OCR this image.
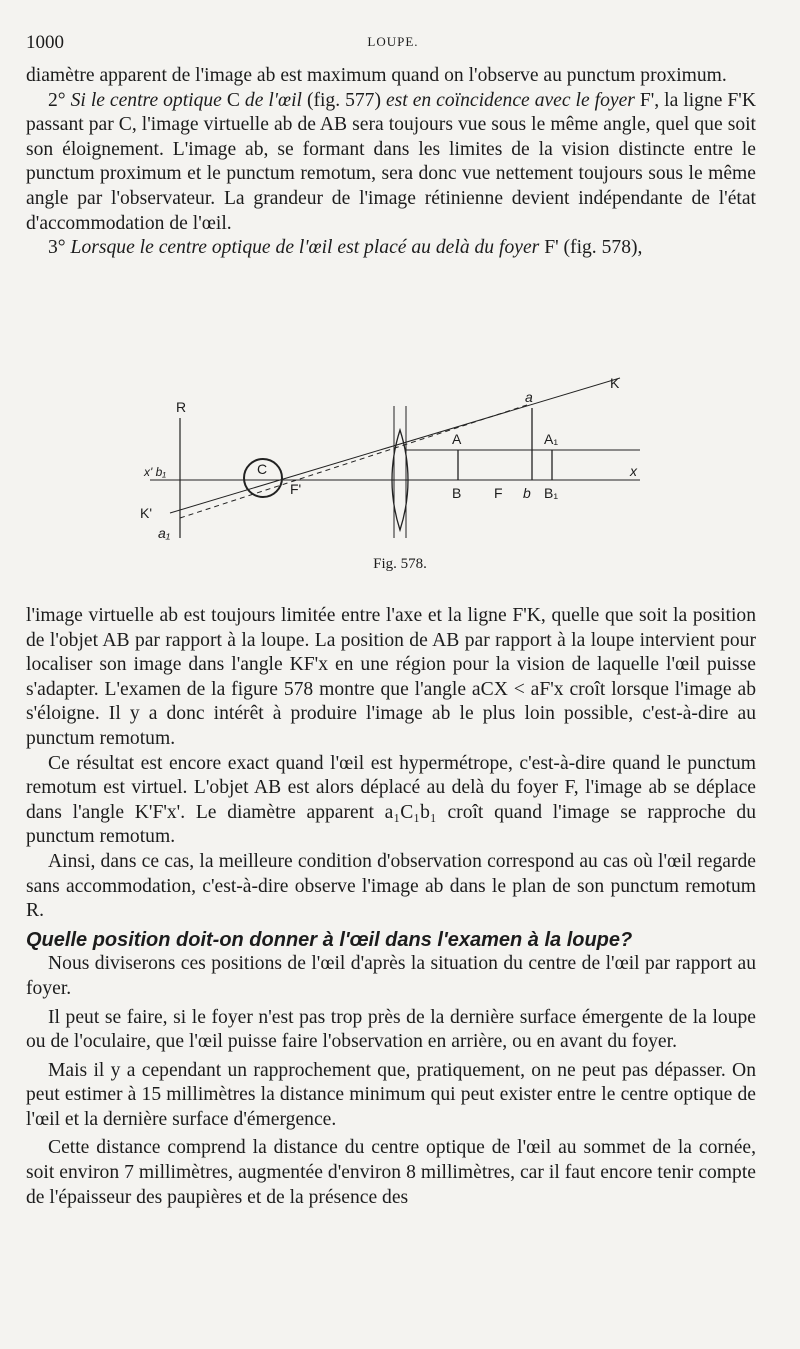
1000	LOUPE.

diamètre apparent de l'image ab est maximum quand on l'observe au punctum proximum.

2° Si le centre optique C de l'œil (fig. 577) est en coïncidence avec le foyer F', la ligne F'K passant par C, l'image virtuelle ab de AB sera toujours vue sous le même angle, quel que soit son éloignement. L'image ab, se formant dans les limites de la vision distincte entre le punctum proximum et le punctum remotum, sera donc vue nettement toujours sous le même angle par l'observateur. La grandeur de l'image rétinienne devient indépendante de l'état d'accommodation de l'œil.

3° Lorsque le centre optique de l'œil est placé au delà du foyer F' (fig. 578),

R
K
a
A	A₁
x
x' b₁	C
F'	B F b B₁
K'
a₁
Fig. 578.

l'image virtuelle ab est toujours limitée entre l'axe et la ligne F'K, quelle que soit la position de l'objet AB par rapport à la loupe. La position de AB par rapport à la loupe intervient pour localiser son image dans l'angle KF'x en une région pour la vision de laquelle l'œil puisse s'adapter. L'examen de la figure 578 montre que l'angle aCX < aF'x croît lorsque l'image ab s'éloigne. Il y a donc intérêt à produire l'image ab le plus loin possible, c'est-à-dire au punctum remotum.

Ce résultat est encore exact quand l'œil est hypermétrope, c'est-à-dire quand le punctum remotum est virtuel. L'objet AB est alors déplacé au delà du foyer F, l'image ab se déplace dans l'angle K'F'x'. Le diamètre apparent a₁C₁b₁ croît quand l'image se rapproche du punctum remotum.

Ainsi, dans ce cas, la meilleure condition d'observation correspond au cas où l'œil regarde sans accommodation, c'est-à-dire observe l'image ab dans le plan de son punctum remotum R.

Quelle position doit-on donner à l'œil dans l'examen à la loupe?

Nous diviserons ces positions de l'œil d'après la situation du centre de l'œil par rapport au foyer.

Il peut se faire, si le foyer n'est pas trop près de la dernière surface émergente de la loupe ou de l'oculaire, que l'œil puisse faire l'observation en arrière, ou en avant du foyer.

Mais il y a cependant un rapprochement que, pratiquement, on ne peut pas dépasser. On peut estimer à 15 millimètres la distance minimum qui peut exister entre le centre optique de l'œil et la dernière surface d'émergence.

Cette distance comprend la distance du centre optique de l'œil au sommet de la cornée, soit environ 7 millimètres, augmentée d'environ 8 millimètres, car il faut encore tenir compte de l'épaisseur des paupières et de la présence des
